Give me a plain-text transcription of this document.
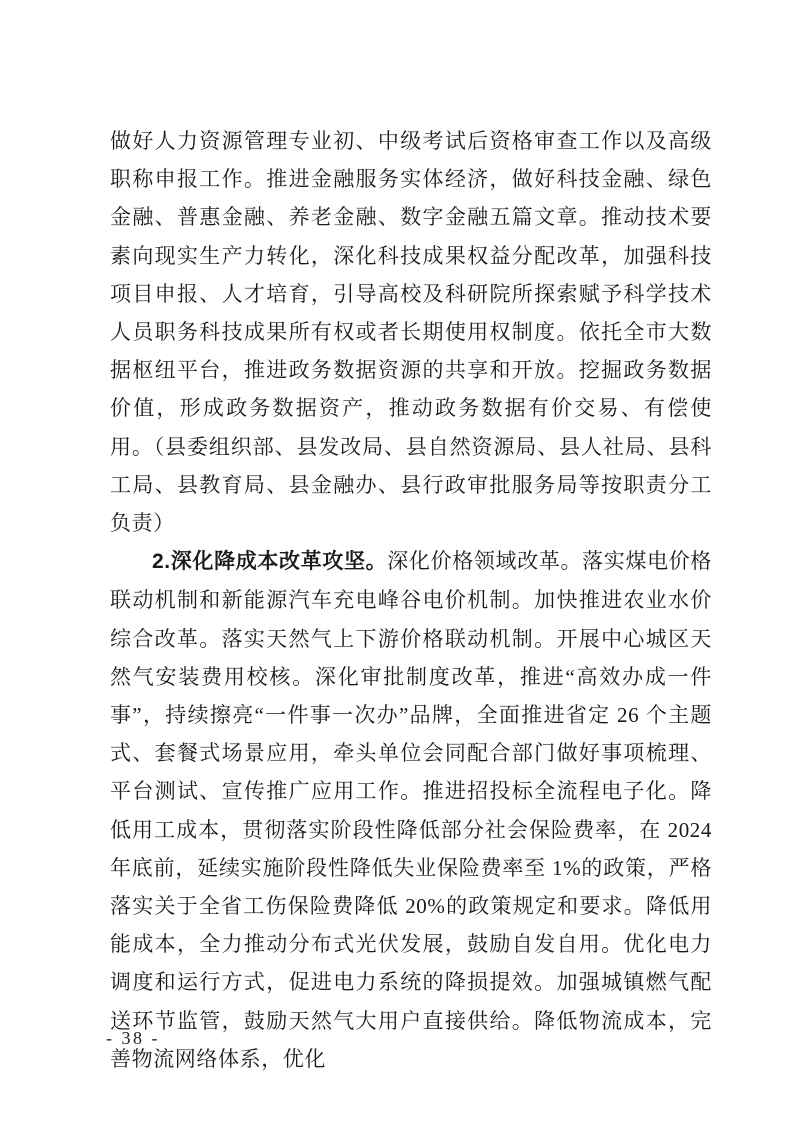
做好人力资源管理专业初、中级考试后资格审查工作以及高级职称申报工作。推进金融服务实体经济，做好科技金融、绿色金融、普惠金融、养老金融、数字金融五篇文章。推动技术要素向现实生产力转化，深化科技成果权益分配改革，加强科技项目申报、人才培育，引导高校及科研院所探索赋予科学技术人员职务科技成果所有权或者长期使用权制度。依托全市大数据枢纽平台，推进政务数据资源的共享和开放。挖掘政务数据价值，形成政务数据资产，推动政务数据有价交易、有偿使用。（县委组织部、县发改局、县自然资源局、县人社局、县科工局、县教育局、县金融办、县行政审批服务局等按职责分工负责）

2.深化降成本改革攻坚。深化价格领域改革。落实煤电价格联动机制和新能源汽车充电峰谷电价机制。加快推进农业水价综合改革。落实天然气上下游价格联动机制。开展中心城区天然气安装费用校核。深化审批制度改革，推进“高效办成一件事”，持续擦亮“一件事一次办”品牌，全面推进省定 26 个主题式、套餐式场景应用，牵头单位会同配合部门做好事项梳理、平台测试、宣传推广应用工作。推进招投标全流程电子化。降低用工成本，贯彻落实阶段性降低部分社会保险费率，在 2024 年底前，延续实施阶段性降低失业保险费率至 1%的政策，严格落实关于全省工伤保险费降低 20%的政策规定和要求。降低用能成本，全力推动分布式光伏发展，鼓励自发自用。优化电力调度和运行方式，促进电力系统的降损提效。加强城镇燃气配送环节监管，鼓励天然气大用户直接供给。降低物流成本，完善物流网络体系，优化

- 38 -
